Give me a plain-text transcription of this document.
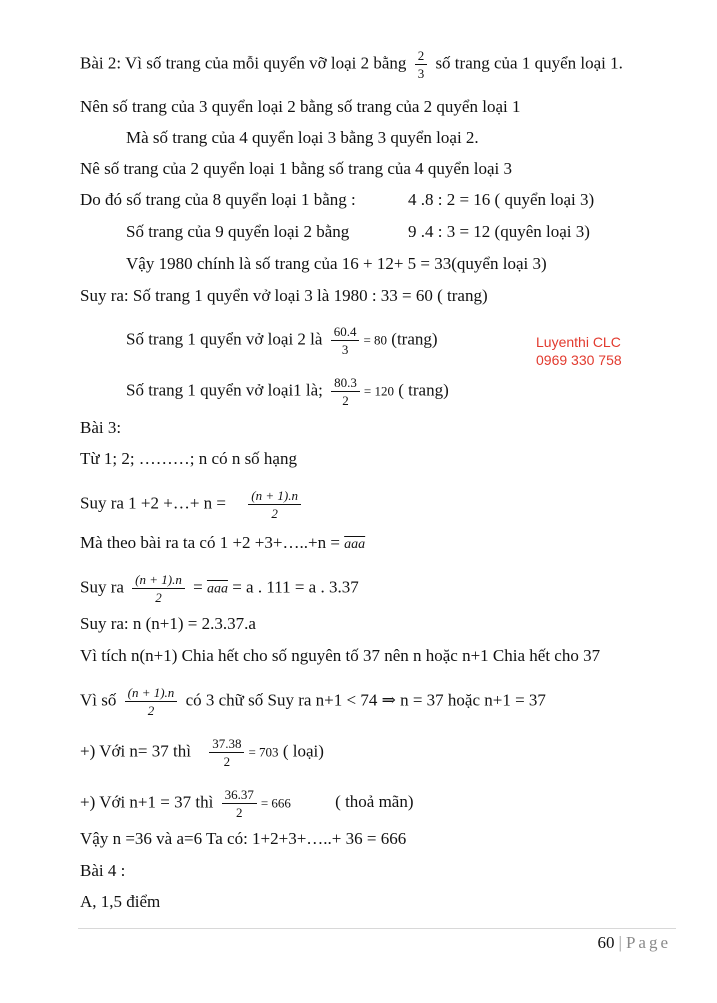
Bài 2: Vì số trang của mỗi quyển vỡ loại 2 bằng $\frac{2}{3}$ số trang của 1 quyển loại 1.
Nên số trang của 3 quyển loại 2 bằng số trang của 2 quyển loại 1
Mà số trang của 4 quyển loại 3 bằng 3 quyển loại 2.
Nê số trang của 2 quyển loại 1 bằng số trang của 4 quyển loại 3
Do đó số trang của 8 quyển loại 1 bằng :	4 .8 : 2 = 16 ( quyển loại 3)
Số trang của 9 quyển loại 2 bằng	9 .4 : 3 = 12 (quyên loại 3)
Vậy 1980 chính là số trang của 16 + 12+ 5 = 33(quyển loại 3)
Suy ra: Số trang 1 quyển vở loại 3 là 1980 : 33 = 60 ( trang)
Số trang 1 quyển vở loại 2 là $\frac{60.4}{3} = 80$ (trang)
Số trang 1 quyển vở loại1 là; $\frac{80.3}{2} = 120$ ( trang)
Luyenthi CLC
0969 330 758
Bài 3:
Từ 1; 2; ………; n có n số hạng
Suy ra 1 +2 +…+ $n = \frac{(n + 1).n}{2}$
Mà theo bài ra ta có 1 +2 +3+…..+n = $\overline{aaa}$
Suy ra $\frac{(n + 1).n}{2} = \overline{aaa} = a$ . 111 = a . 3.37
Suy ra: n (n+1) = 2.3.37.a
Vì tích n(n+1) Chia hết cho số nguyên tố 37 nên n hoặc n+1 Chia hết cho 37
Vì số $\frac{(n + 1).n}{2}$ có 3 chữ số Suy ra n+1 < 74 ⇒ n = 37 hoặc n+1 = 37
+) Với n= 37 thì $\frac{37.38}{2} = 703$ ( loại)
+) Với n+1 = 37 thì $\frac{36.37}{2} = 666$	( thoả mãn)
Vậy n =36 và a=6 Ta có: 1+2+3+…..+ 36 = 666
Bài 4 :
A, 1,5 điểm
60 | Page
